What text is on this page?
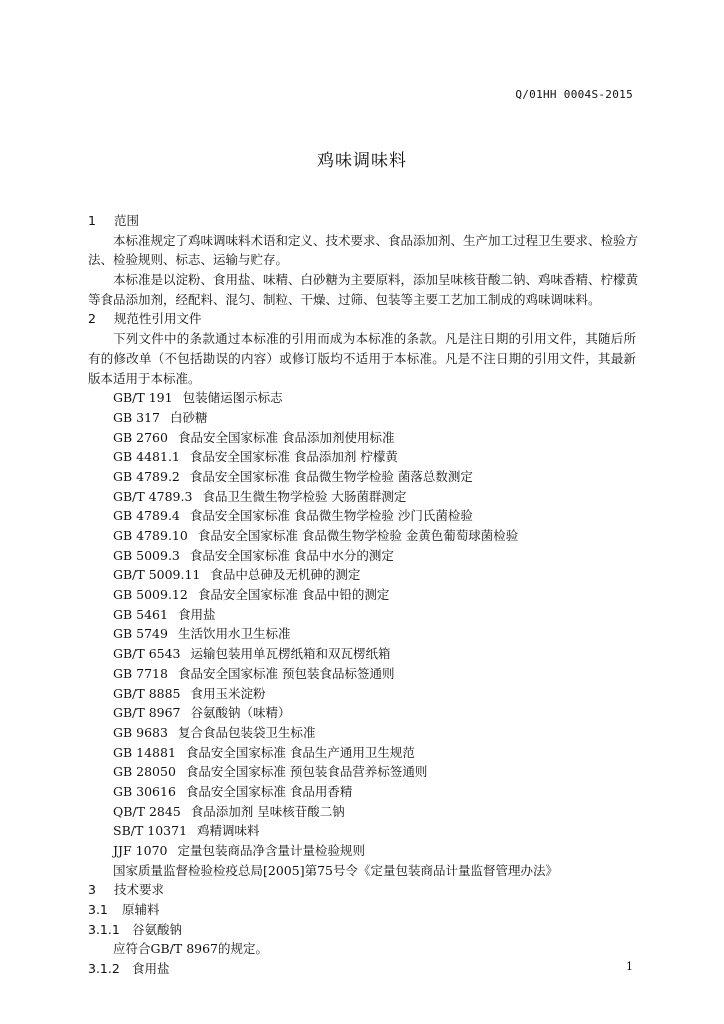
Q/01HH 0004S-2015
鸡味调味料
1 范围
本标准规定了鸡味调味料术语和定义、技术要求、食品添加剂、生产加工过程卫生要求、检验方
法、检验规则、标志、运输与贮存。
本标准是以淀粉、食用盐、味精、白砂糖为主要原料，添加呈味核苷酸二钠、鸡味香精、柠檬黄
等食品添加剂，经配料、混匀、制粒、干燥、过筛、包装等主要工艺加工制成的鸡味调味料。
2 规范性引用文件
下列文件中的条款通过本标准的引用而成为本标准的条款。凡是注日期的引用文件，其随后所
有的修改单（不包括勘误的内容）或修订版均不适用于本标准。凡是不注日期的引用文件，其最新
版本适用于本标准。
GB/T 191 包装储运图示标志
GB 317 白砂糖
GB 2760 食品安全国家标准 食品添加剂使用标准
GB 4481.1 食品安全国家标准 食品添加剂 柠檬黄
GB 4789.2 食品安全国家标准 食品微生物学检验 菌落总数测定
GB/T 4789.3 食品卫生微生物学检验 大肠菌群测定
GB 4789.4 食品安全国家标准 食品微生物学检验 沙门氏菌检验
GB 4789.10 食品安全国家标准 食品微生物学检验 金黄色葡萄球菌检验
GB 5009.3 食品安全国家标准 食品中水分的测定
GB/T 5009.11 食品中总砷及无机砷的测定
GB 5009.12 食品安全国家标准 食品中铅的测定
GB 5461 食用盐
GB 5749 生活饮用水卫生标准
GB/T 6543 运输包装用单瓦楞纸箱和双瓦楞纸箱
GB 7718 食品安全国家标准 预包装食品标签通则
GB/T 8885 食用玉米淀粉
GB/T 8967 谷氨酸钠（味精）
GB 9683 复合食品包装袋卫生标准
GB 14881 食品安全国家标准 食品生产通用卫生规范
GB 28050 食品安全国家标准 预包装食品营养标签通则
GB 30616 食品安全国家标准 食品用香精
QB/T 2845 食品添加剂 呈味核苷酸二钠
SB/T 10371 鸡精调味料
JJF 1070 定量包装商品净含量计量检验规则
国家质量监督检验检疫总局[2005]第75号令《定量包装商品计量监督管理办法》
3 技术要求
3.1 原辅料
3.1.1 谷氨酸钠
应符合GB/T 8967的规定。
3.1.2 食用盐	1
